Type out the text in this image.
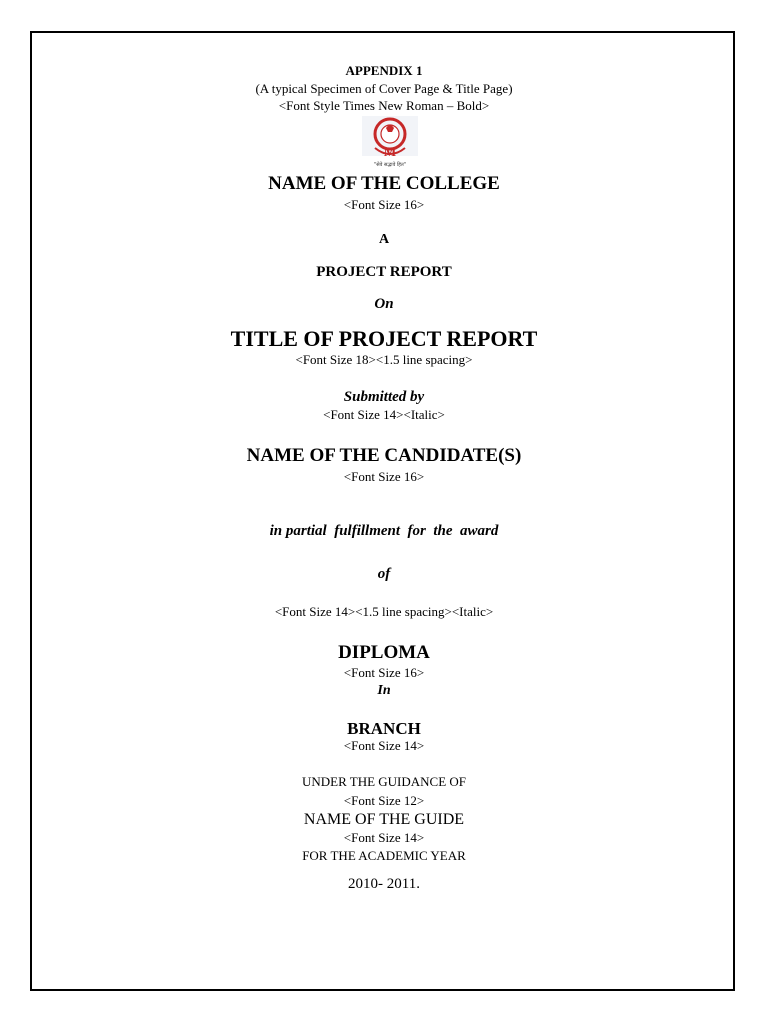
APPENDIX 1
(A typical Specimen of Cover Page & Title Page)
<Font Style Times New Roman – Bold>
M
"सेवे सद्भावे हित"
NAME OF THE COLLEGE
<Font Size 16>
A
PROJECT REPORT
On
TITLE OF PROJECT REPORT
<Font Size 18><1.5 line spacing>
Submitted by
<Font Size 14><Italic>
NAME OF THE CANDIDATE(S)
<Font Size 16>
in partial  fulfillment  for  the  award
of
<Font Size 14><1.5 line spacing><Italic>
DIPLOMA
<Font Size 16>
In
BRANCH
<Font Size 14>
UNDER THE GUIDANCE OF
<Font Size 12>
NAME OF THE GUIDE
<Font Size 14>
FOR THE ACADEMIC YEAR
2010- 2011.
